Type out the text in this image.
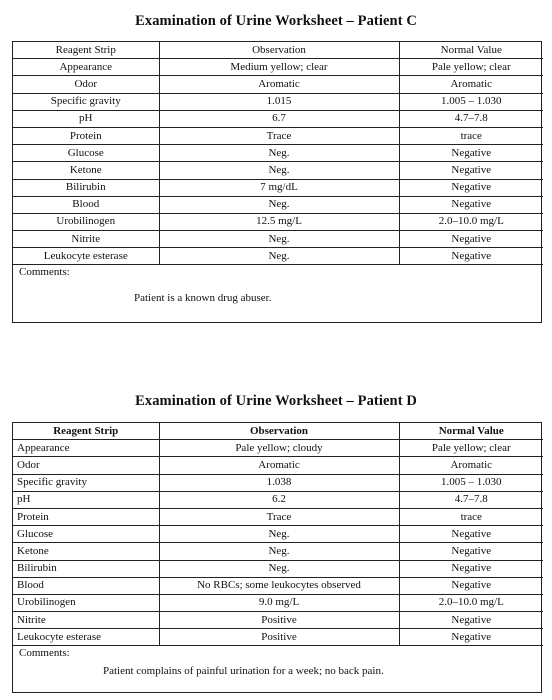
Examination of Urine Worksheet – Patient C
Reagent Strip	Observation	Normal Value
Appearance	Medium yellow; clear	Pale yellow; clear
Odor	Aromatic	Aromatic
Specific gravity	1.015	1.005 – 1.030
pH	6.7	4.7–7.8
Protein	Trace	trace
Glucose	Neg.	Negative
Ketone	Neg.	Negative
Bilirubin	7 mg/dL	Negative
Blood	Neg.	Negative
Urobilinogen	12.5 mg/L	2.0–10.0 mg/L
Nitrite	Neg.	Negative
Leukocyte esterase	Neg.	Negative
Comments:
Patient is a known drug abuser.
Examination of Urine Worksheet – Patient D
Reagent Strip	Observation	Normal Value
Appearance	Pale yellow; cloudy	Pale yellow; clear
Odor	Aromatic	Aromatic
Specific gravity	1.038	1.005 – 1.030
pH	6.2	4.7–7.8
Protein	Trace	trace
Glucose	Neg.	Negative
Ketone	Neg.	Negative
Bilirubin	Neg.	Negative
Blood	No RBCs; some leukocytes observed	Negative
Urobilinogen	9.0 mg/L	2.0–10.0 mg/L
Nitrite	Positive	Negative
Leukocyte esterase	Positive	Negative
Comments:
Patient complains of painful urination for a week; no back pain.
